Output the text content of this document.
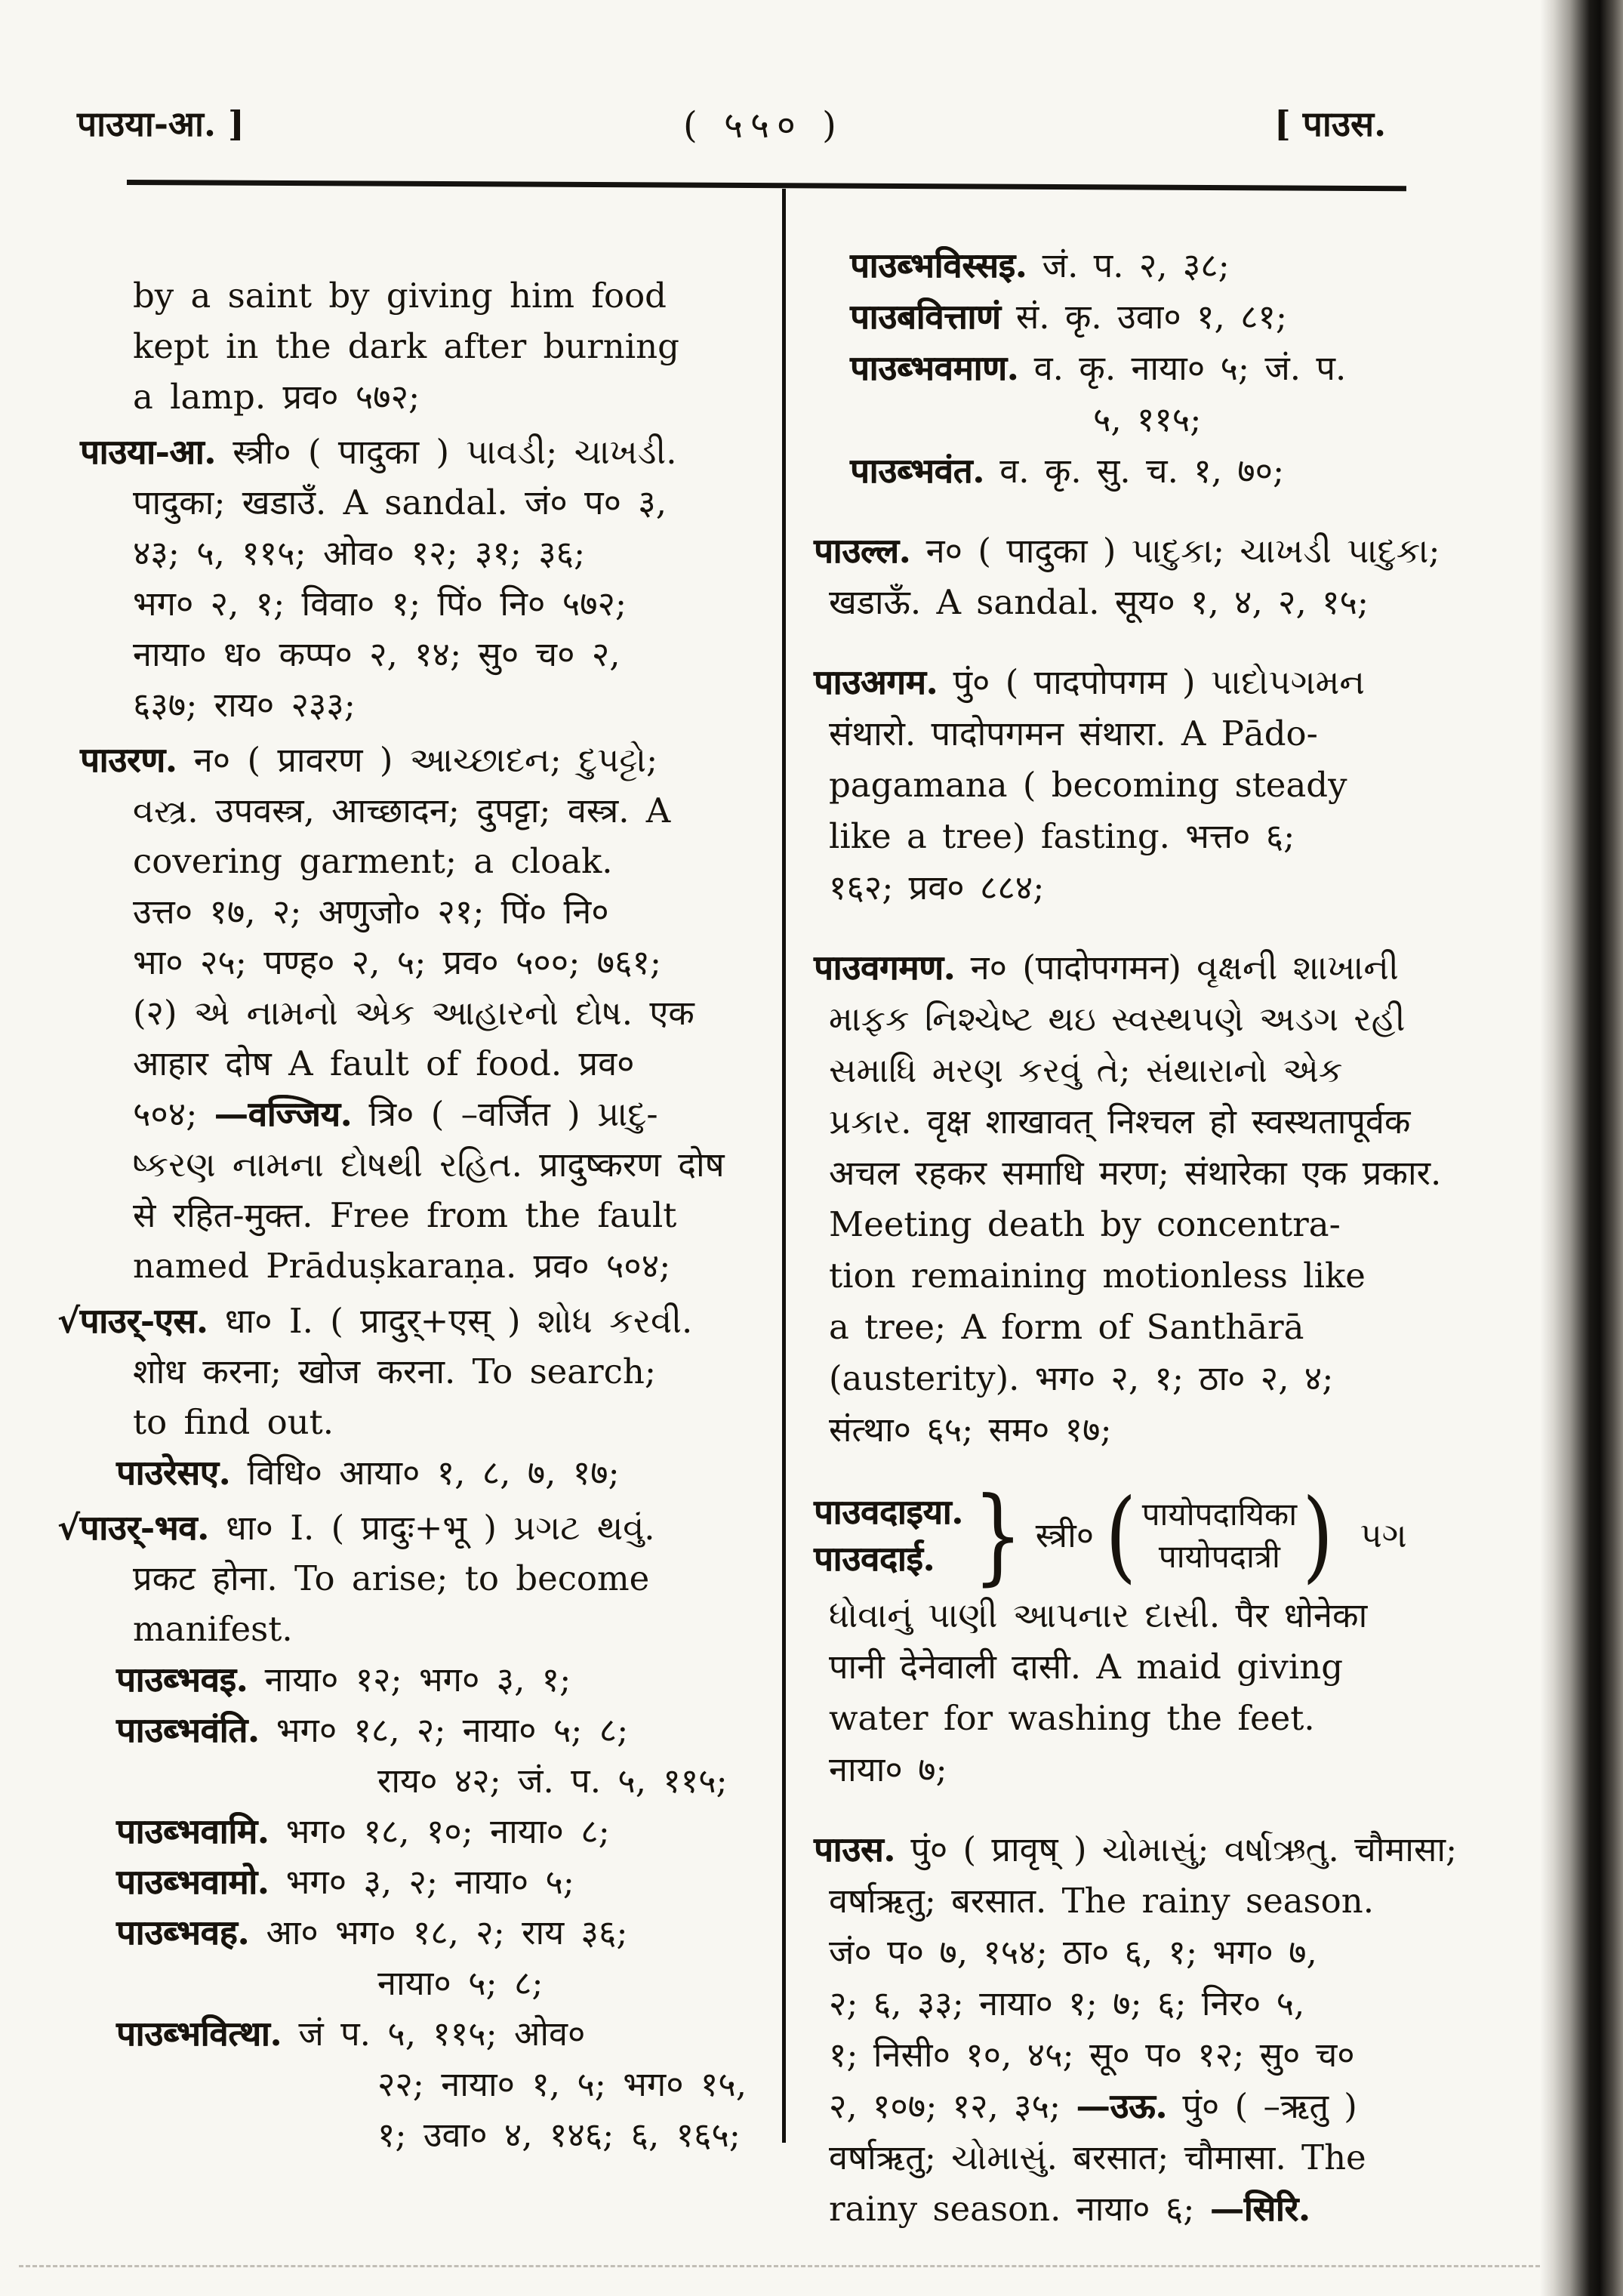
पाउया-आ. ]	( ५५० )	[ पाउस.
by a saint by giving him food
kept in the dark after burning
a lamp. प्रव० ५७२;
पाउया-आ. स्त्री० ( पादुका ) પાવડી; ચાખડી.
पादुका; खडाउँ. A sandal. जं० प० ३,
४३; ५, ११५; ओव० १२; ३१; ३६;
भग० २, १; विवा० १; पिं० नि० ५७२;
नाया० ध० कप्प० २, १४; सु० च० २,
६३७; राय० २३३;
पाउरण. न० ( प्रावरण ) આચ્છાદન; દુપટ્ટો;
વસ્ત્ર. उपवस्त्र, आच्छादन; दुपट्टा; वस्त्र. A
covering garment; a cloak.
उत्त० १७, २; अणुजो० २१; पिं० नि०
भा० २५; पण्ह० २, ५; प्रव० ५००; ७६१;
(२) એ નામનો એક આહારનો દોષ. एक
आहार दोष A fault of food. प्रव०
५०४; —वज्जिय. त्रि० ( –वर्जित ) પ્રાદુ-
ષ્કરણ નામના દોષથી રહિત. प्रादुष्करण दोष
से रहित-मुक्त. Free from the fault
named Prāduṣkaraṇa. प्रव० ५०४;
√पाउर्-एस. धा० I. ( प्रादुर्+एस् ) શોધ કરવી.
शोध करना; खोज करना. To search;
to find out.
पाउरेसए. विधि० आया० १, ८, ७, १७;
√पाउर्-भव. धा० I. ( प्रादुः+भू ) પ્રગટ થવું.
प्रकट होना. To arise; to become
manifest.
पाउब्भवइ. नाया० १२; भग० ३, १;
पाउब्भवंति. भग० १८, २; नाया० ५; ८;
राय० ४२; जं. प. ५, ११५;
पाउब्भवामि. भग० १८, १०; नाया० ८;
पाउब्भवामो. भग० ३, २; नाया० ५;
पाउब्भवह. आ० भग० १८, २; राय ३६;
नाया० ५; ८;
पाउब्भवित्था. जं प. ५, ११५; ओव०
२२; नाया० १, ५; भग० १५,
१; उवा० ४, १४६; ६, १६५;
पाउब्भविस्सइ. जं. प. २, ३८;
पाउबवित्ताणं सं. कृ. उवा० १, ८१;
पाउब्भवमाण. व. कृ. नाया० ५; जं. प.
५, ११५;
पाउब्भवंत. व. कृ. सु. च. १, ७०;
पाउल्ल. न० ( पादुका ) પાદુકા; ચાખડી પાદુકા;
खडाऊँ. A sandal. सूय० १, ४, २, १५;
पाउअगम. पुं० ( पादपोपगम ) પાદોપગમન
संथारो. पादोपगमन संथारा. A Pādo-
pagamana ( becoming steady
like a tree) fasting. भत्त० ६;
१६२; प्रव० ८८४;
पाउवगमण. न० (पादोपगमन) વૃક્ષની શાખાની
માફક નિશ્ચેષ્ટ થઇ સ્વસ્થપણે અડગ રહી
સમાધિ મરણ કરવું તે; સંથારાનો એક
પ્રકાર. वृक्ष शाखावत् निश्चल हो स्वस्थतापूर्वक
अचल रहकर समाधि मरण; संथारेका एक प्रकार.
Meeting death by concentra-
tion remaining motionless like
a tree; A form of Santhārā
(austerity). भग० २, १; ठा० २, ४;
संत्था० ६५; सम० १७;
पाउवदाइया.
पाउवदाई. } स्त्री० ( पायोपदायिका
पायोपदात्री ) પગ
ધોવાનું પાણી આપનાર દાસી. पैर धोनेका
पानी देनेवाली दासी. A maid giving
water for washing the feet.
नाया० ७;
पाउस. पुं० ( प्रावृष् ) ચોમાસું; વર્ષાઋતુ. चौमासा;
वर्षाऋतु; बरसात. The rainy season.
जं० प० ७, १५४; ठा० ६, १; भग० ७,
२; ६, ३३; नाया० १; ७; ६; निर० ५,
१; निसी० १०, ४५; सू० प० १२; सु० च०
२, १०७; १२, ३५; —उऊ. पुं० ( –ऋतु )
वर्षाऋतु; ચોમાસું. बरसात; चौमासा. The
rainy season. नाया० ६; —सिरि.
